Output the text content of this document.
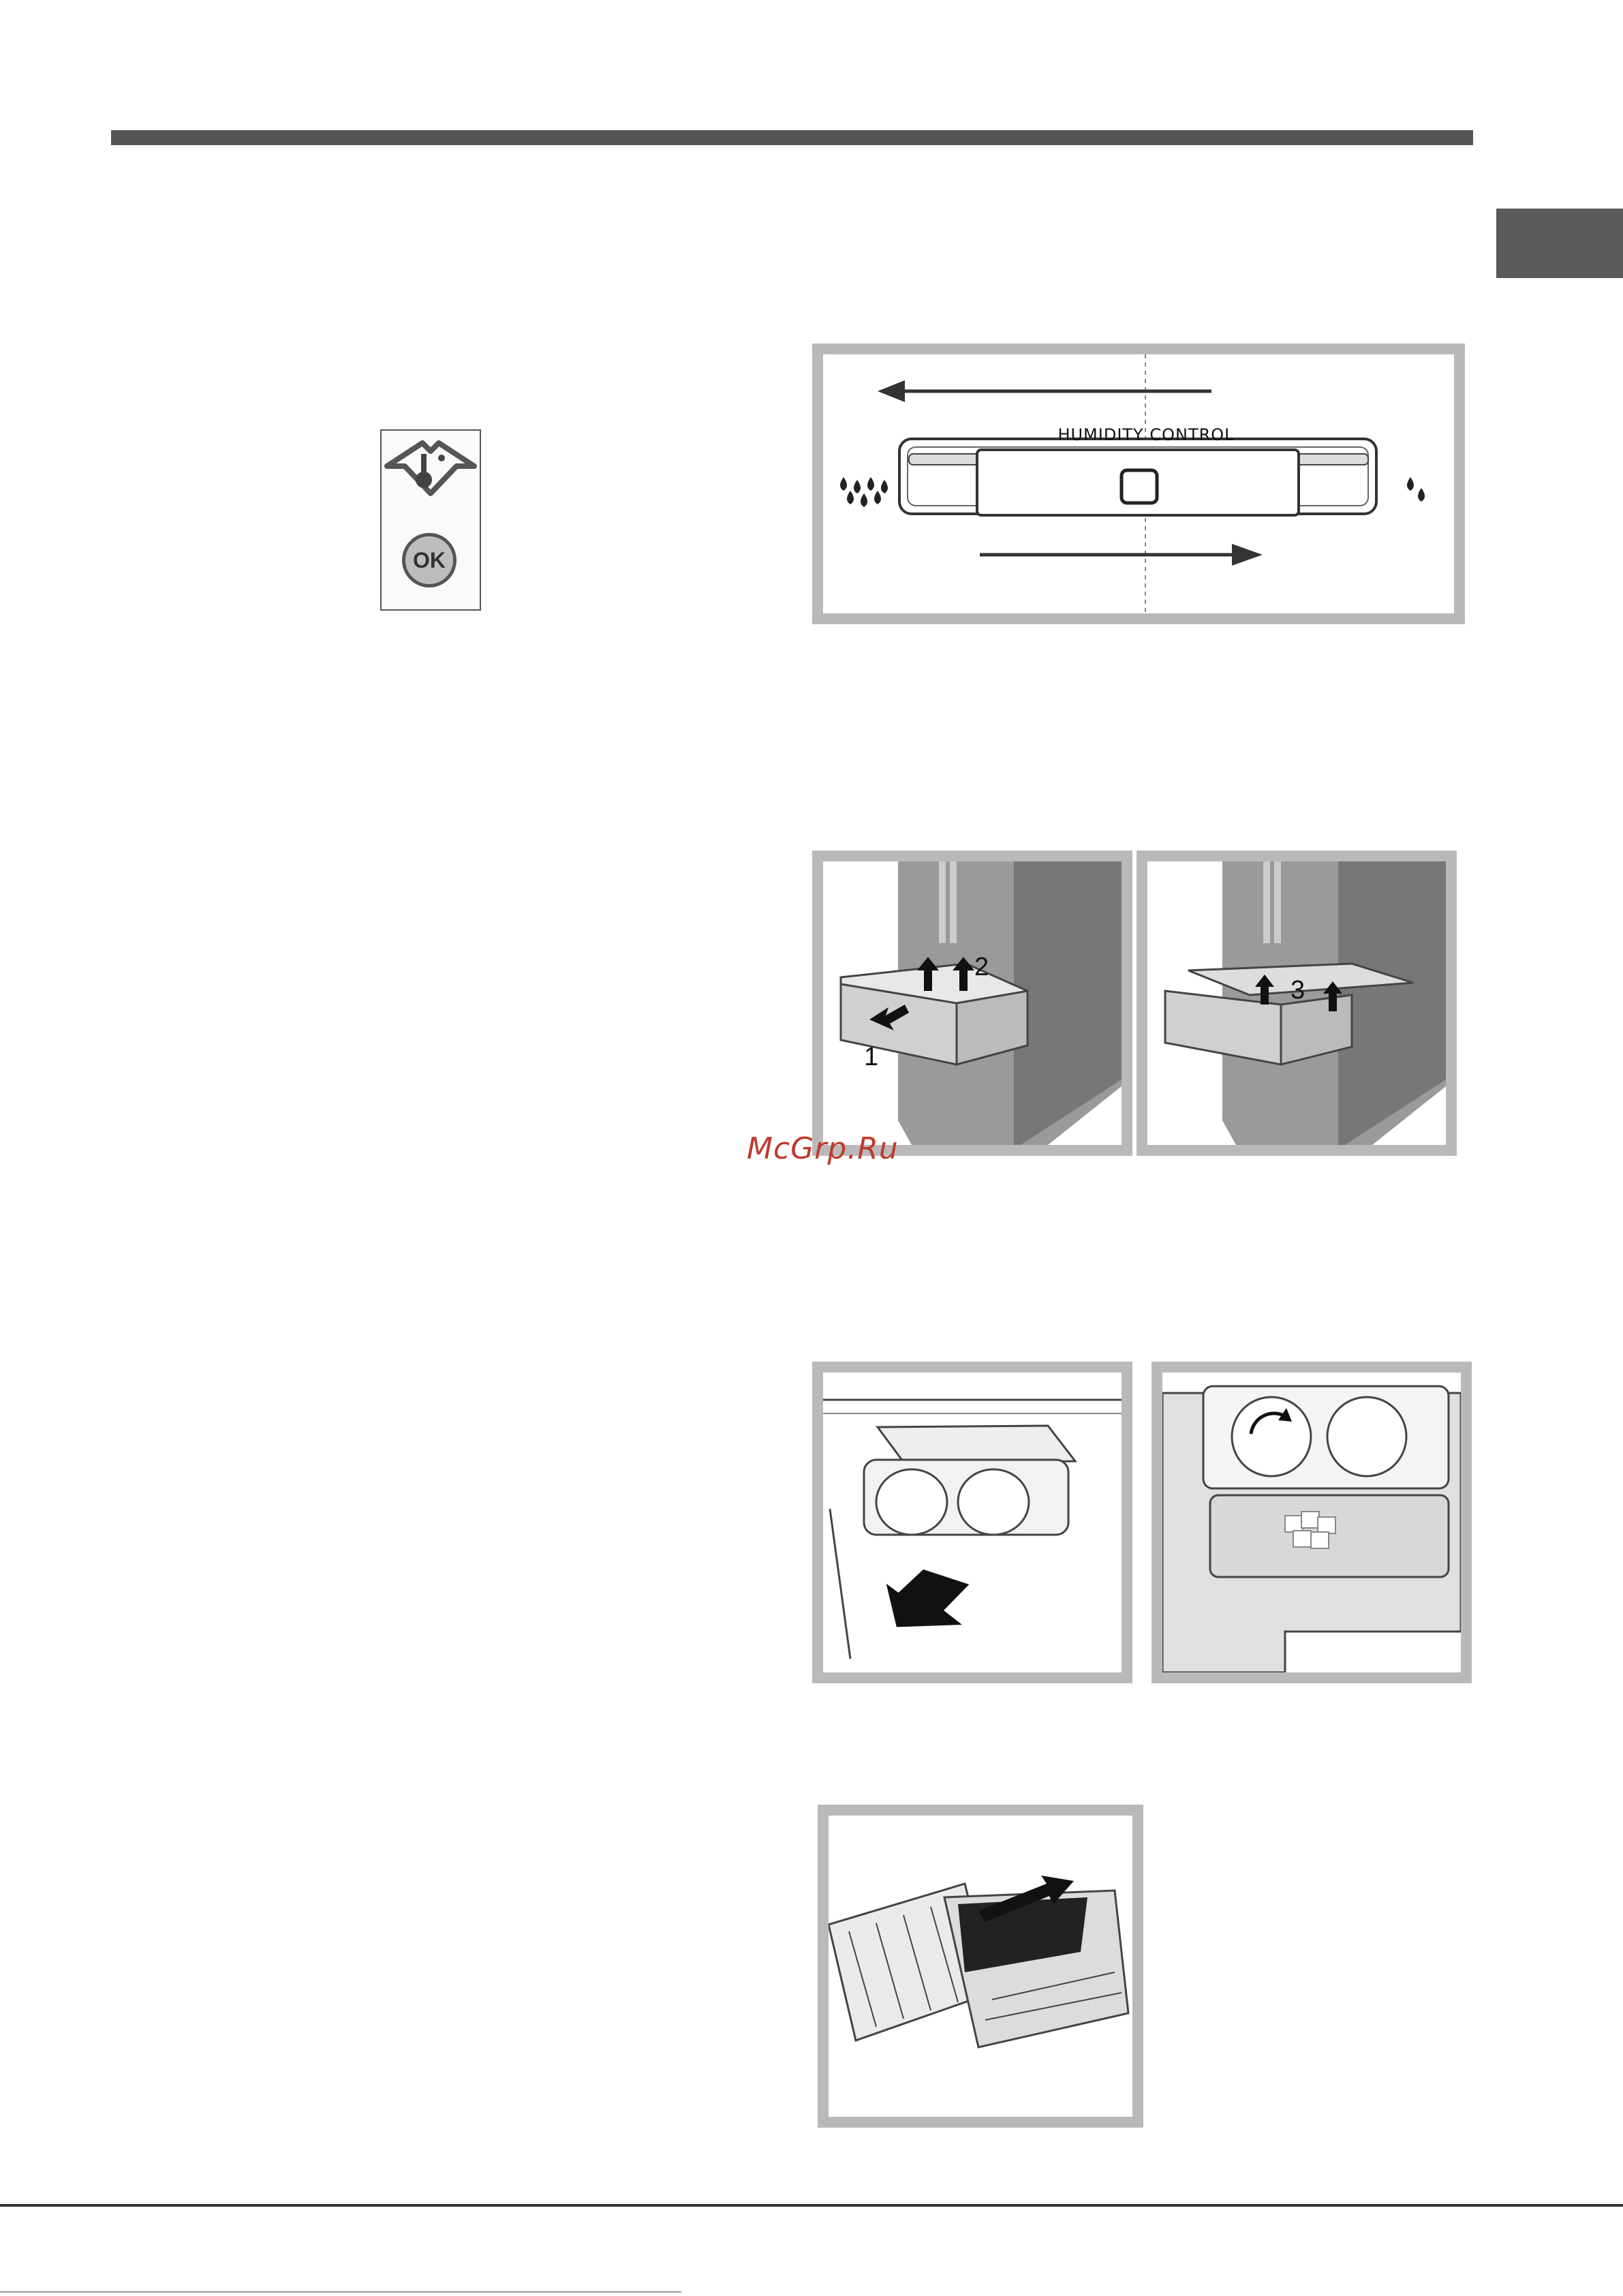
OK
HUMIDITY CONTROL
1
2
3
McGrp.Ru
